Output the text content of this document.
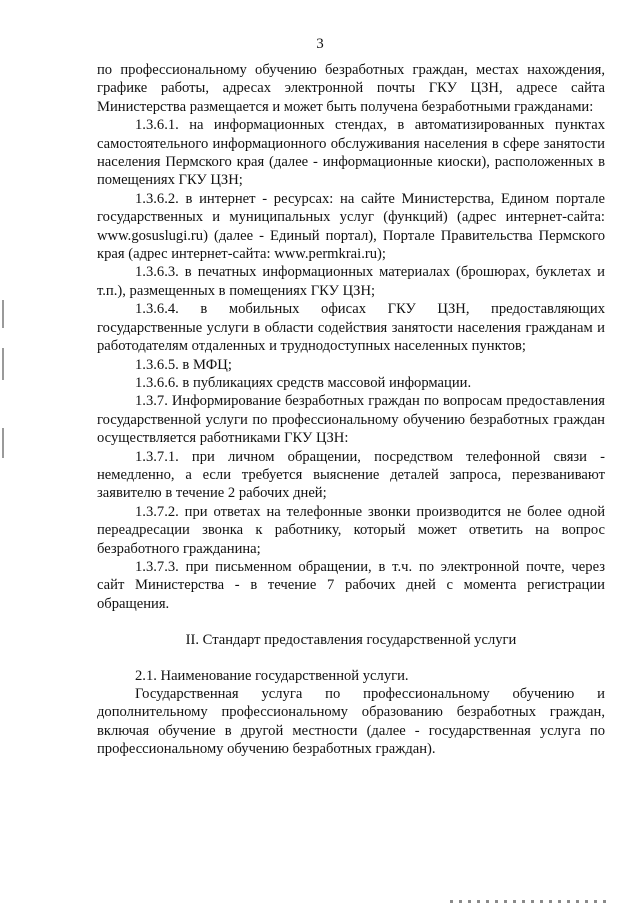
3

по профессиональному обучению безработных граждан, местах нахождения, графике работы, адресах электронной почты ГКУ ЦЗН, адресе сайта Министерства размещается и может быть получена безработными гражданами:

1.3.6.1. на информационных стендах, в автоматизированных пунктах самостоятельного информационного обслуживания населения в сфере занятости населения Пермского края (далее - информационные киоски), расположенных в помещениях ГКУ ЦЗН;

1.3.6.2. в интернет - ресурсах: на сайте Министерства, Едином портале государственных и муниципальных услуг (функций) (адрес интернет-сайта: www.gosuslugi.ru) (далее - Единый портал), Портале Правительства Пермского края (адрес интернет-сайта: www.permkrai.ru);

1.3.6.3. в печатных информационных материалах (брошюрах, буклетах и т.п.), размещенных в помещениях ГКУ ЦЗН;

1.3.6.4. в мобильных офисах ГКУ ЦЗН, предоставляющих государственные услуги в области содействия занятости населения гражданам и работодателям отдаленных и труднодоступных населенных пунктов;

1.3.6.5. в МФЦ;

1.3.6.6. в публикациях средств массовой информации.

1.3.7. Информирование безработных граждан по вопросам предоставления государственной услуги по профессиональному обучению безработных граждан осуществляется работниками ГКУ ЦЗН:

1.3.7.1. при личном обращении, посредством телефонной связи - немедленно, а если требуется выяснение деталей запроса, перезванивают заявителю в течение 2 рабочих дней;

1.3.7.2. при ответах на телефонные звонки производится не более одной переадресации звонка к работнику, который может ответить на вопрос безработного гражданина;

1.3.7.3. при письменном обращении, в т.ч. по электронной почте, через сайт Министерства - в течение 7 рабочих дней с момента регистрации обращения.

II. Стандарт предоставления государственной услуги

2.1. Наименование государственной услуги.

Государственная услуга по профессиональному обучению и дополнительному профессиональному образованию безработных граждан, включая обучение в другой местности (далее - государственная услуга по профессиональному обучению безработных граждан).
